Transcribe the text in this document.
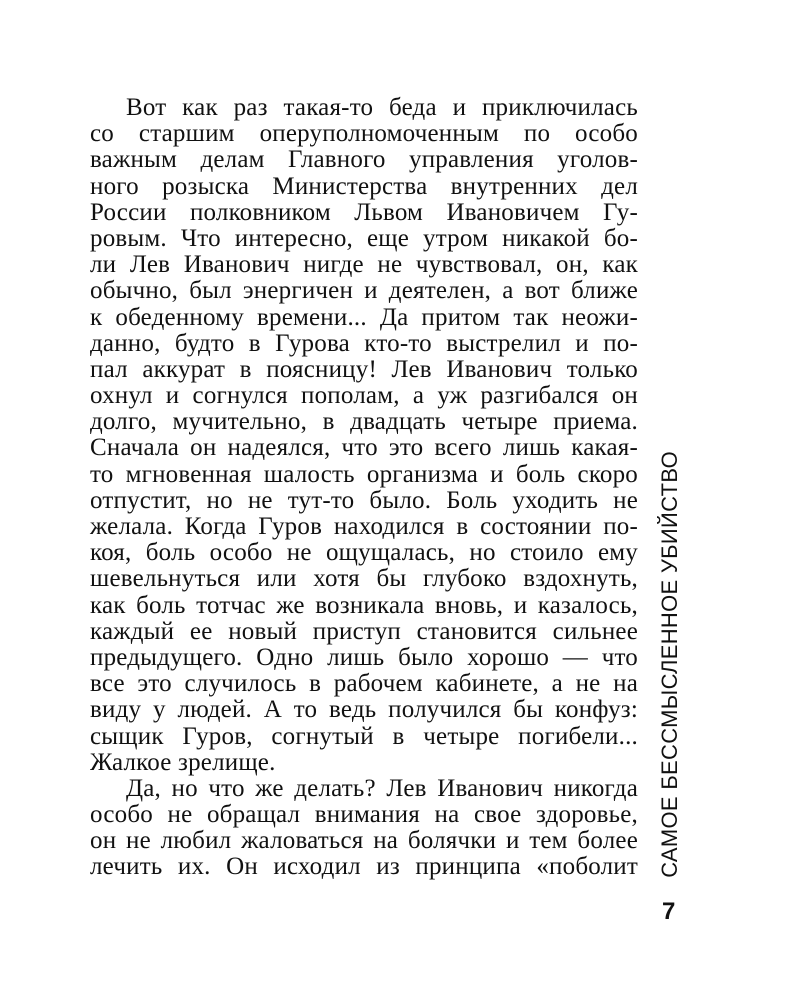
Вот как раз такая-то беда и приключилась
со старшим оперуполномоченным по особо
важным делам Главного управления уголов-
ного розыска Министерства внутренних дел
России полковником Львом Ивановичем Гу-
ровым. Что интересно, еще утром никакой бо-
ли Лев Иванович нигде не чувствовал, он, как
обычно, был энергичен и деятелен, а вот ближе
к обеденному времени... Да притом так неожи-
данно, будто в Гурова кто-то выстрелил и по-
пал аккурат в поясницу! Лев Иванович только
охнул и согнулся пополам, а уж разгибался он
долго, мучительно, в двадцать четыре приема.
Сначала он надеялся, что это всего лишь какая-
то мгновенная шалость организма и боль скоро
отпустит, но не тут-то было. Боль уходить не
желала. Когда Гуров находился в состоянии по-
коя, боль особо не ощущалась, но стоило ему
шевельнуться или хотя бы глубоко вздохнуть,
как боль тотчас же возникала вновь, и казалось,
каждый ее новый приступ становится сильнее
предыдущего. Одно лишь было хорошо — что
все это случилось в рабочем кабинете, а не на
виду у людей. А то ведь получился бы конфуз:
сыщик Гуров, согнутый в четыре погибели...
Жалкое зрелище.
Да, но что же делать? Лев Иванович никогда
особо не обращал внимания на свое здоровье,
он не любил жаловаться на болячки и тем более
лечить их. Он исходил из принципа «поболит САМОЕ БЕССМЫСЛЕННОЕ УБИЙСТВО
7
